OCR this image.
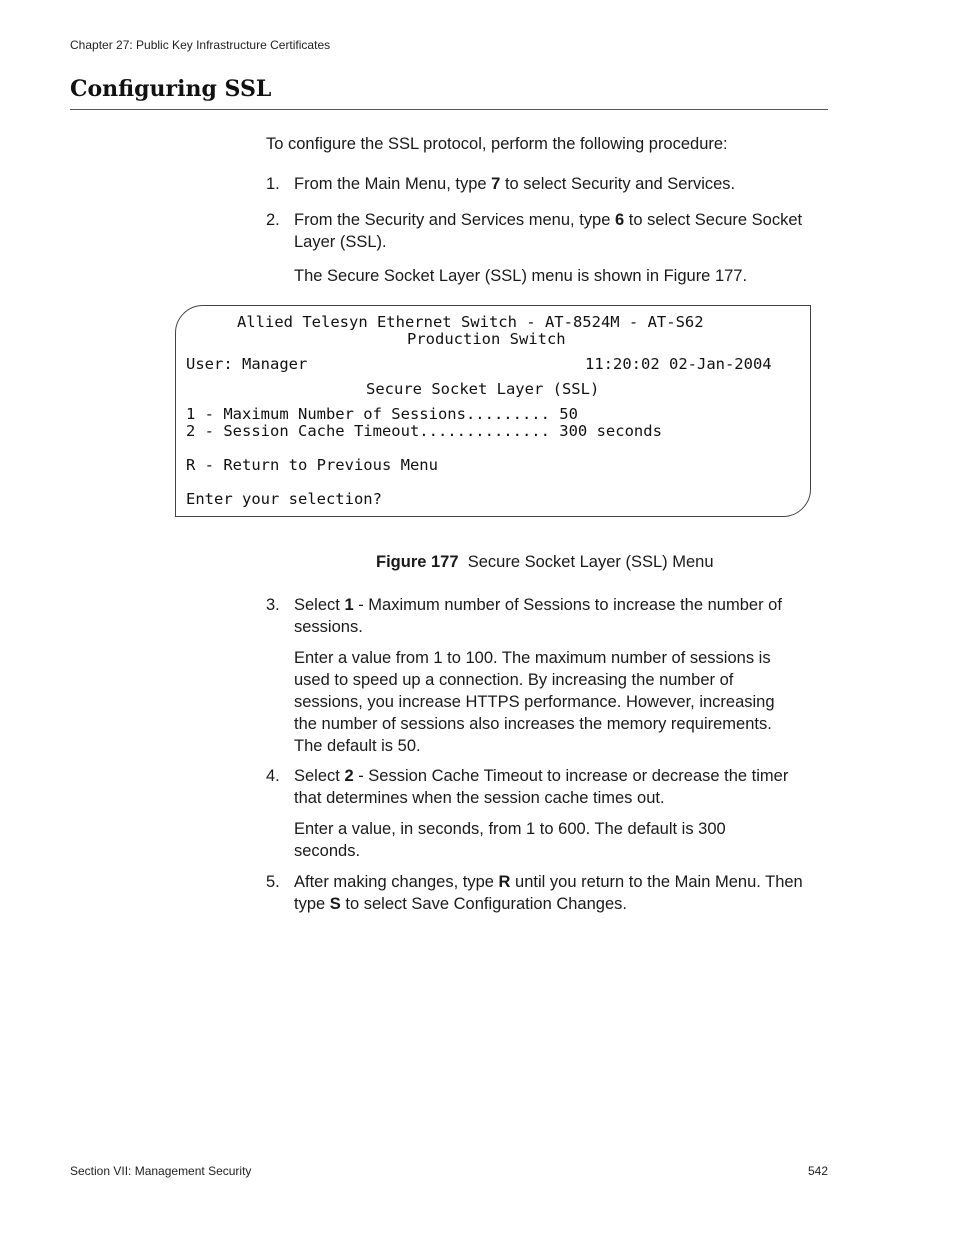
Chapter 27: Public Key Infrastructure Certificates
Configuring SSL
To configure the SSL protocol, perform the following procedure:
1. From the Main Menu, type 7 to select Security and Services.
2. From the Security and Services menu, type 6 to select Secure Socket
Layer (SSL).
The Secure Socket Layer (SSL) menu is shown in Figure 177.
Allied Telesyn Ethernet Switch - AT-8524M - AT-S62
Production Switch
User: Manager	11:20:02 02-Jan-2004
Secure Socket Layer (SSL)
1 - Maximum Number of Sessions......... 50
2 - Session Cache Timeout.............. 300 seconds
R - Return to Previous Menu
Enter your selection?
Figure 177 Secure Socket Layer (SSL) Menu
3. Select 1 - Maximum number of Sessions to increase the number of
sessions.
Enter a value from 1 to 100. The maximum number of sessions is
used to speed up a connection. By increasing the number of
sessions, you increase HTTPS performance. However, increasing
the number of sessions also increases the memory requirements.
The default is 50.
4. Select 2 - Session Cache Timeout to increase or decrease the timer
that determines when the session cache times out.
Enter a value, in seconds, from 1 to 600. The default is 300
seconds.
5. After making changes, type R until you return to the Main Menu. Then
type S to select Save Configuration Changes.
Section VII: Management Security	542
